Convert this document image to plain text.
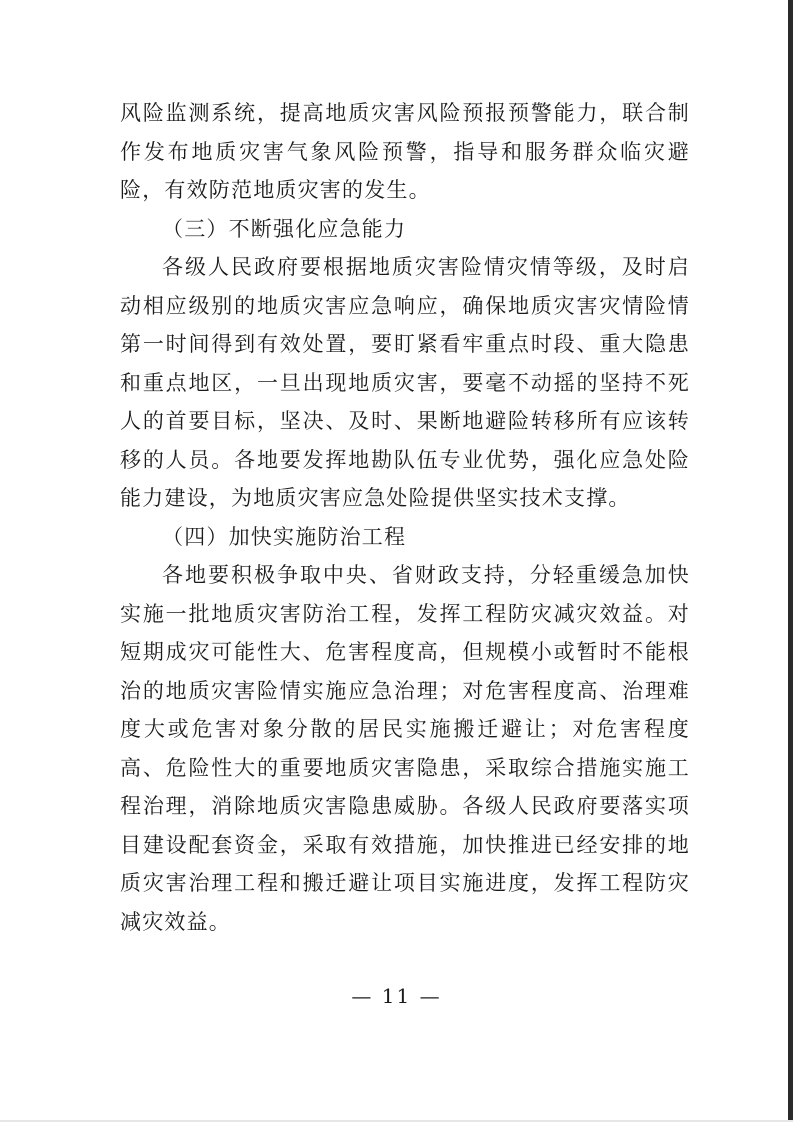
风险监测系统，提高地质灾害风险预报预警能力，联合制作发布地质灾害气象风险预警，指导和服务群众临灾避险，有效防范地质灾害的发生。

（三）不断强化应急能力

各级人民政府要根据地质灾害险情灾情等级，及时启动相应级别的地质灾害应急响应，确保地质灾害灾情险情第一时间得到有效处置，要盯紧看牢重点时段、重大隐患和重点地区，一旦出现地质灾害，要毫不动摇的坚持不死人的首要目标，坚决、及时、果断地避险转移所有应该转移的人员。各地要发挥地勘队伍专业优势，强化应急处险能力建设，为地质灾害应急处险提供坚实技术支撑。

（四）加快实施防治工程

各地要积极争取中央、省财政支持，分轻重缓急加快实施一批地质灾害防治工程，发挥工程防灾减灾效益。对短期成灾可能性大、危害程度高，但规模小或暂时不能根治的地质灾害险情实施应急治理；对危害程度高、治理难度大或危害对象分散的居民实施搬迁避让；对危害程度高、危险性大的重要地质灾害隐患，采取综合措施实施工程治理，消除地质灾害隐患威胁。各级人民政府要落实项目建设配套资金，采取有效措施，加快推进已经安排的地质灾害治理工程和搬迁避让项目实施进度，发挥工程防灾减灾效益。

— 11 —
